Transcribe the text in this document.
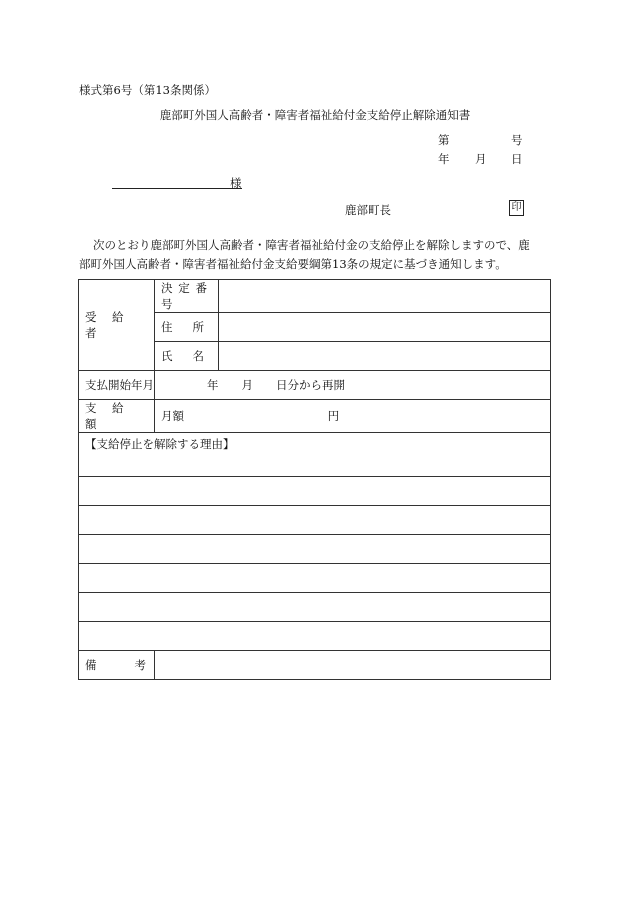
様式第6号（第13条関係）
鹿部町外国人高齢者・障害者福祉給付金支給停止解除通知書
第	号
年 月 日
様
鹿部町長	印
次のとおり鹿部町外国人高齢者・障害者福祉給付金の支給停止を解除しますので、鹿
部町外国人高齢者・障害者福祉給付金支給要綱第13条の規定に基づき通知します。
受給者	決定番号	

	住 所	

	氏 名	

支払開始年月	年　　月　　日分から再開	
支給額	月額 円	
【支給停止を解除する理由】		

備 考		
